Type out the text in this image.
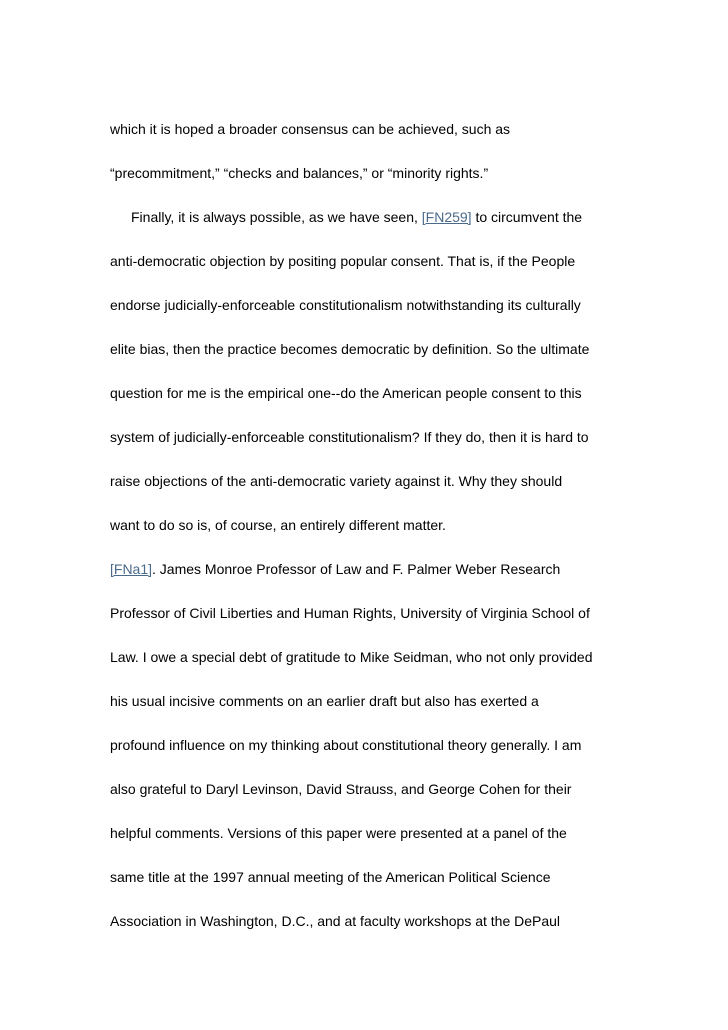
which it is hoped a broader consensus can be achieved, such as
“precommitment,” “checks and balances,” or “minority rights.”
Finally, it is always possible, as we have seen, [FN259] to circumvent the
anti-democratic objection by positing popular consent. That is, if the People
endorse judicially-enforceable constitutionalism notwithstanding its culturally
elite bias, then the practice becomes democratic by definition. So the ultimate
question for me is the empirical one--do the American people consent to this
system of judicially-enforceable constitutionalism? If they do, then it is hard to
raise objections of the anti-democratic variety against it. Why they should
want to do so is, of course, an entirely different matter.
[FNa1]. James Monroe Professor of Law and F. Palmer Weber Research
Professor of Civil Liberties and Human Rights, University of Virginia School of
Law. I owe a special debt of gratitude to Mike Seidman, who not only provided
his usual incisive comments on an earlier draft but also has exerted a
profound influence on my thinking about constitutional theory generally. I am
also grateful to Daryl Levinson, David Strauss, and George Cohen for their
helpful comments. Versions of this paper were presented at a panel of the
same title at the 1997 annual meeting of the American Political Science
Association in Washington, D.C., and at faculty workshops at the DePaul
